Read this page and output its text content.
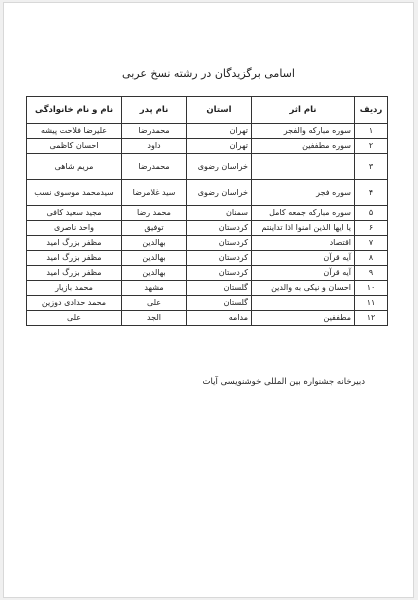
اسامی برگزیدگان در رشته نسخ عربی
ردیف	نام اثر	استان	نام پدر	نام و نام خانوادگی
۱	سوره مبارکه والفجر	تهران	محمدرضا	علیرضا فلاحت پیشه
۲	سوره مطففین	تهران	داود	احسان کاظمی
۳		خراسان رضوی	محمدرضا	مریم شاهی
۴	سوره فجر	خراسان رضوی	سید غلامرضا	سیدمحمد موسوی نسب
۵	سوره مبارکه جمعه کامل	سمنان	محمد رضا	مجید سعید کافی
۶	یا ایها الذین امنوا اذا تداینتم	کردستان	توفیق	واحد ناصری
۷	اقتصاد	کردستان	بهالدین	مظفر بزرگ امید
۸	آیه قرآن	کردستان	بهالدین	مظفر بزرگ امید
۹	آیه قرآن	کردستان	بهالدین	مظفر بزرگ امید
۱۰	احسان و نیکی به والدین	گلستان	مشهد	محمد بازیار
۱۱		گلستان	علی	محمد حدادی دوزین
۱۲	مطففین	مدامه	الجد	علی
دبیرخانه جشنواره بین المللی خوشنویسی آیات
